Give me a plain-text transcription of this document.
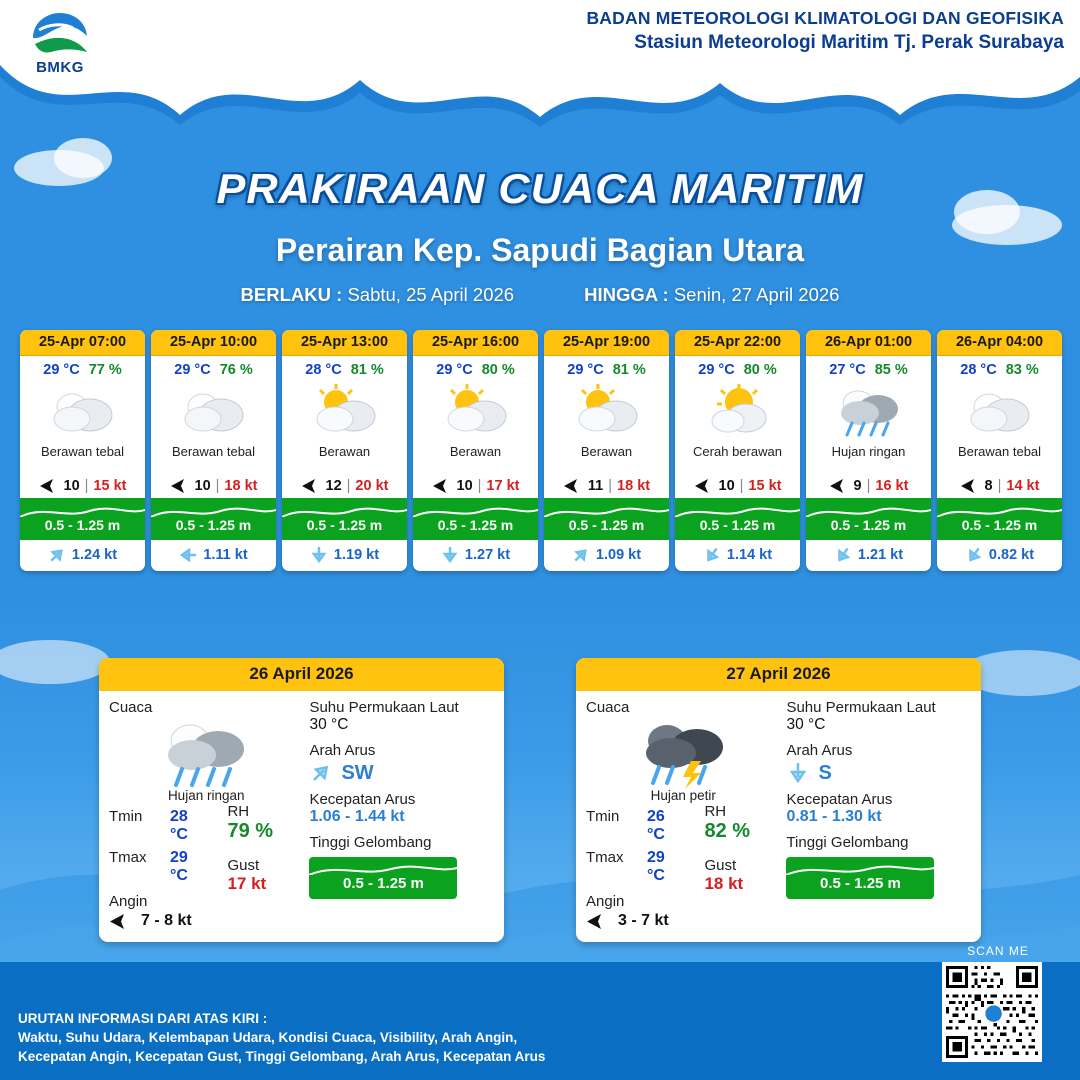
BMKG
BADAN METEOROLOGI KLIMATOLOGI DAN GEOFISIKA
Stasiun Meteorologi Maritim Tj. Perak Surabaya
PRAKIRAAN CUACA MARITIM
Perairan Kep. Sapudi Bagian Utara
BERLAKU : Sabtu, 25 April 2026	HINGGA : Senin, 27 April 2026
25-Apr 07:00
29 °C 77 %
Berawan tebal
10 | 15 kt
0.5 - 1.25 m
1.24 kt
25-Apr 10:00
29 °C 76 %
Berawan tebal
10 | 18 kt
0.5 - 1.25 m
1.11 kt
25-Apr 13:00
28 °C 81 %
Berawan
12 | 20 kt
0.5 - 1.25 m
1.19 kt
25-Apr 16:00
29 °C 80 %
Berawan
10 | 17 kt
0.5 - 1.25 m
1.27 kt
25-Apr 19:00
29 °C 81 %
Berawan
11 | 18 kt
0.5 - 1.25 m
1.09 kt
25-Apr 22:00
29 °C 80 %
Cerah berawan
10 | 15 kt
0.5 - 1.25 m
1.14 kt
26-Apr 01:00
27 °C 85 %
Hujan ringan
9 | 16 kt
0.5 - 1.25 m
1.21 kt
26-Apr 04:00
28 °C 83 %
Berawan tebal
8 | 14 kt
0.5 - 1.25 m
0.82 kt
26 April 2026
Cuaca
Hujan ringan
Tmin	28 °C
Tmax	29 °C
Angin
7 - 8 kt
RH
79 %
Gust
17 kt
Suhu Permukaan Laut
30 °C
Arah Arus
SW
Kecepatan Arus
1.06 - 1.44 kt
Tinggi Gelombang
0.5 - 1.25 m
27 April 2026
Cuaca
Hujan petir
Tmin	26 °C
Tmax	29 °C
Angin
3 - 7 kt
RH
82 %
Gust
18 kt
Suhu Permukaan Laut
30 °C
Arah Arus
S
Kecepatan Arus
0.81 - 1.30 kt
Tinggi Gelombang
0.5 - 1.25 m
URUTAN INFORMASI DARI ATAS KIRI :
Waktu, Suhu Udara, Kelembapan Udara, Kondisi Cuaca, Visibility, Arah Angin,
Kecepatan Angin, Kecepatan Gust, Tinggi Gelombang, Arah Arus, Kecepatan Arus
SCAN ME
